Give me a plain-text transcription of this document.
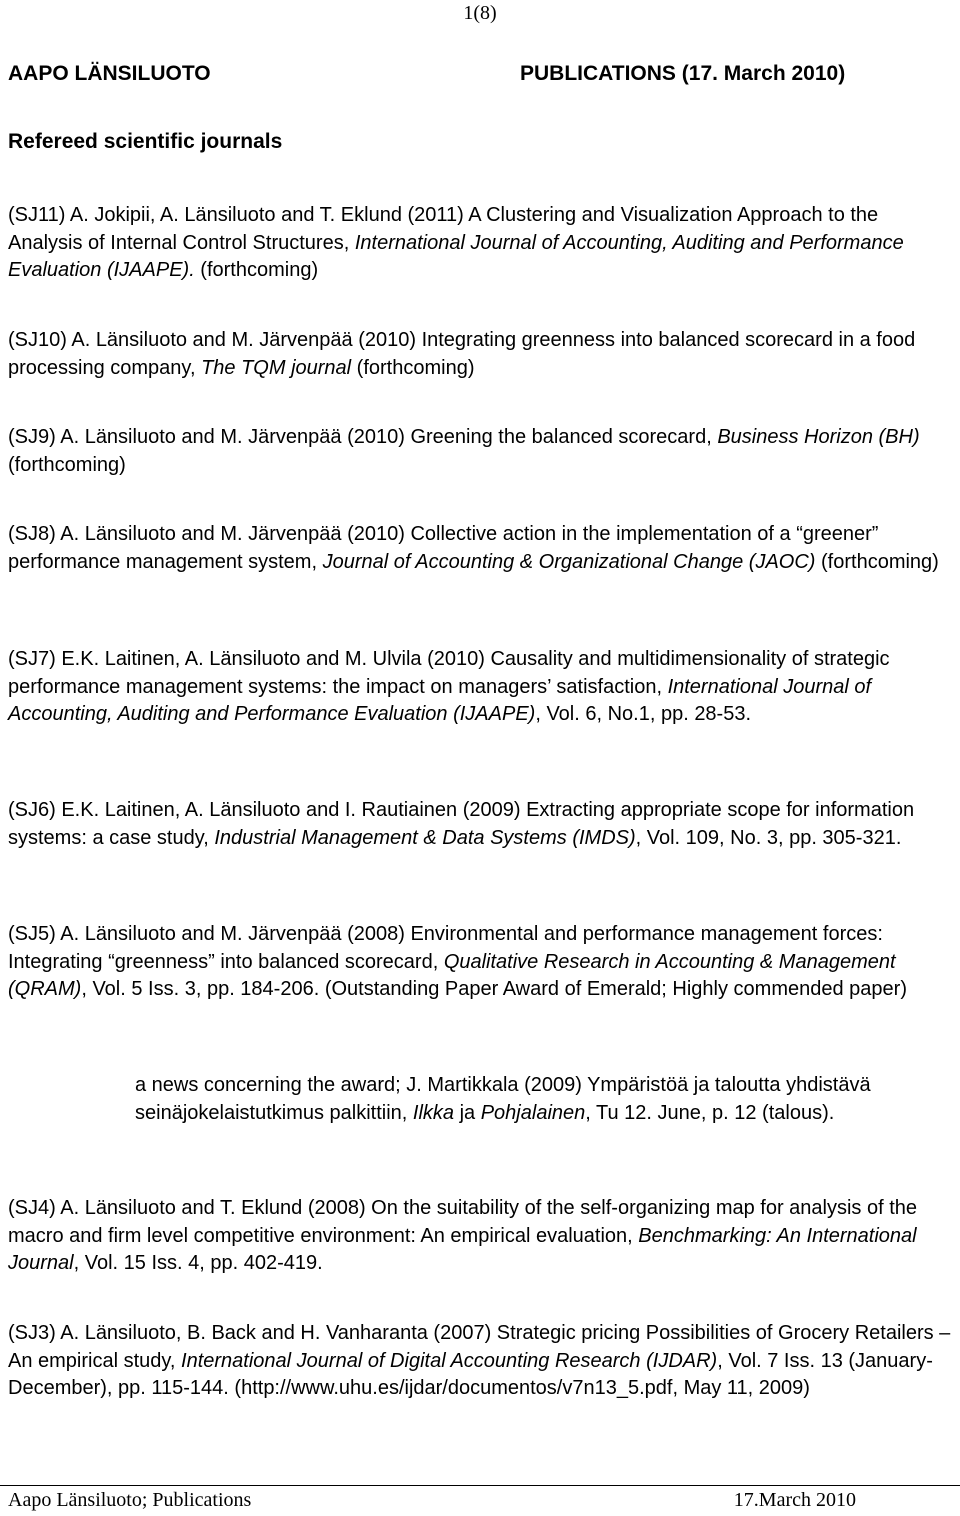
1(8)
AAPO LÄNSILUOTO	PUBLICATIONS (17. March 2010)
Refereed scientific journals

(SJ11) A. Jokipii, A. Länsiluoto and T. Eklund (2011) A Clustering and Visualization Approach to the Analysis of Internal Control Structures, International Journal of Accounting, Auditing and Performance Evaluation (IJAAPE). (forthcoming)

(SJ10) A. Länsiluoto and M. Järvenpää (2010) Integrating greenness into balanced scorecard in a food processing company, The TQM journal (forthcoming)

(SJ9) A. Länsiluoto and M. Järvenpää (2010) Greening the balanced scorecard, Business Horizon (BH) (forthcoming)

(SJ8) A. Länsiluoto and M. Järvenpää (2010) Collective action in the implementation of a “greener” performance management system, Journal of Accounting & Organizational Change (JAOC) (forthcoming)

(SJ7) E.K. Laitinen, A. Länsiluoto and M. Ulvila (2010) Causality and multidimensionality of strategic performance management systems: the impact on managers’ satisfaction, International Journal of Accounting, Auditing and Performance Evaluation (IJAAPE), Vol. 6, No.1, pp. 28-53.

(SJ6) E.K. Laitinen, A. Länsiluoto and I. Rautiainen (2009) Extracting appropriate scope for information systems: a case study, Industrial Management & Data Systems (IMDS), Vol. 109, No. 3, pp. 305-321.

(SJ5) A. Länsiluoto and M. Järvenpää (2008) Environmental and performance management forces: Integrating “greenness” into balanced scorecard, Qualitative Research in Accounting & Management (QRAM), Vol. 5 Iss. 3, pp. 184-206. (Outstanding Paper Award of Emerald; Highly commended paper)

a news concerning the award; J. Martikkala (2009) Ympäristöä ja taloutta yhdistävä seinäjokelaistutkimus palkittiin, Ilkka ja Pohjalainen, Tu 12. June, p. 12 (talous).

(SJ4) A. Länsiluoto and T. Eklund (2008) On the suitability of the self-organizing map for analysis of the macro and firm level competitive environment: An empirical evaluation, Benchmarking: An International Journal, Vol. 15 Iss. 4, pp. 402-419.

(SJ3) A. Länsiluoto, B. Back and H. Vanharanta (2007) Strategic pricing Possibilities of Grocery Retailers – An empirical study, International Journal of Digital Accounting Research (IJDAR), Vol. 7 Iss. 13 (January-December), pp. 115-144. (http://www.uhu.es/ijdar/documentos/v7n13_5.pdf, May 11, 2009)

Aapo Länsiluoto; Publications	17.March 2010
